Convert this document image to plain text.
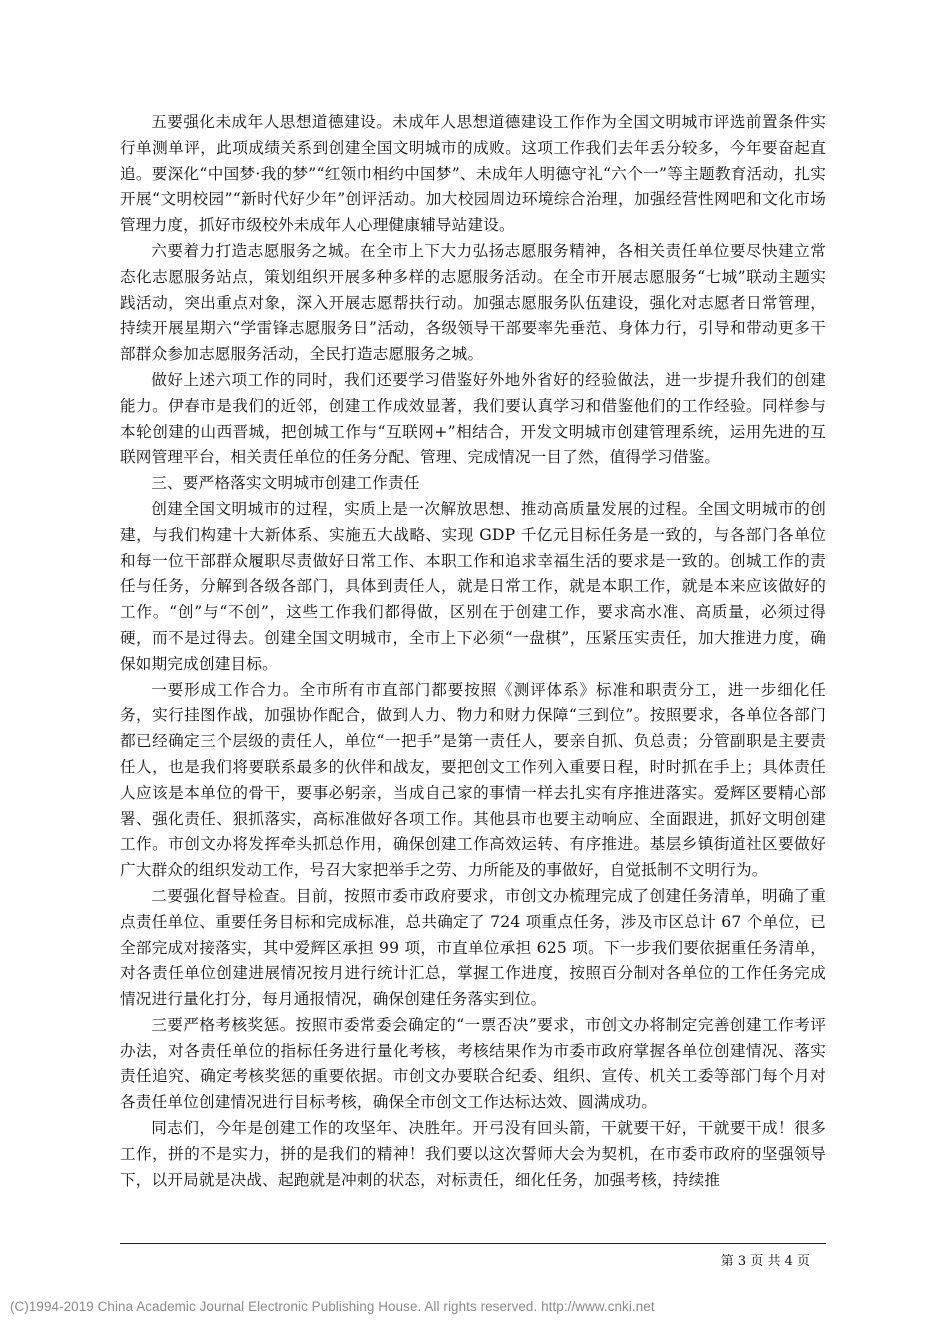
五要强化未成年人思想道德建设。未成年人思想道德建设工作作为全国文明城市评选前置条件实行单测单评，此项成绩关系到创建全国文明城市的成败。这项工作我们去年丢分较多，今年要奋起直追。要深化“中国梦·我的梦”“红领巾相约中国梦”、未成年人明德守礼“六个一”等主题教育活动，扎实开展“文明校园”“新时代好少年”创评活动。加大校园周边环境综合治理，加强经营性网吧和文化市场管理力度，抓好市级校外未成年人心理健康辅导站建设。

六要着力打造志愿服务之城。在全市上下大力弘扬志愿服务精神，各相关责任单位要尽快建立常态化志愿服务站点，策划组织开展多种多样的志愿服务活动。在全市开展志愿服务“七城”联动主题实践活动，突出重点对象，深入开展志愿帮扶行动。加强志愿服务队伍建设，强化对志愿者日常管理，持续开展星期六“学雷锋志愿服务日”活动，各级领导干部要率先垂范、身体力行，引导和带动更多干部群众参加志愿服务活动，全民打造志愿服务之城。

做好上述六项工作的同时，我们还要学习借鉴好外地外省好的经验做法，进一步提升我们的创建能力。伊春市是我们的近邻，创建工作成效显著，我们要认真学习和借鉴他们的工作经验。同样参与本轮创建的山西晋城，把创城工作与“互联网+”相结合，开发文明城市创建管理系统，运用先进的互联网管理平台，相关责任单位的任务分配、管理、完成情况一目了然，值得学习借鉴。

三、要严格落实文明城市创建工作责任

创建全国文明城市的过程，实质上是一次解放思想、推动高质量发展的过程。全国文明城市的创建，与我们构建十大新体系、实施五大战略、实现 GDP 千亿元目标任务是一致的，与各部门各单位和每一位干部群众履职尽责做好日常工作、本职工作和追求幸福生活的要求是一致的。创城工作的责任与任务，分解到各级各部门，具体到责任人，就是日常工作，就是本职工作，就是本来应该做好的工作。“创”与“不创”，这些工作我们都得做，区别在于创建工作，要求高水准、高质量，必须过得硬，而不是过得去。创建全国文明城市，全市上下必须“一盘棋”，压紧压实责任，加大推进力度，确保如期完成创建目标。

一要形成工作合力。全市所有市直部门都要按照《测评体系》标准和职责分工，进一步细化任务，实行挂图作战，加强协作配合，做到人力、物力和财力保障“三到位”。按照要求，各单位各部门都已经确定三个层级的责任人，单位“一把手”是第一责任人，要亲自抓、负总责；分管副职是主要责任人，也是我们将要联系最多的伙伴和战友，要把创文工作列入重要日程，时时抓在手上；具体责任人应该是本单位的骨干，要事必躬亲，当成自己家的事情一样去扎实有序推进落实。爱辉区要精心部署、强化责任、狠抓落实，高标准做好各项工作。其他县市也要主动响应、全面跟进，抓好文明创建工作。市创文办将发挥牵头抓总作用，确保创建工作高效运转、有序推进。基层乡镇街道社区要做好广大群众的组织发动工作，号召大家把举手之劳、力所能及的事做好，自觉抵制不文明行为。

二要强化督导检查。目前，按照市委市政府要求，市创文办梳理完成了创建任务清单，明确了重点责任单位、重要任务目标和完成标准，总共确定了 724 项重点任务，涉及市区总计 67 个单位，已全部完成对接落实，其中爱辉区承担 99 项，市直单位承担 625 项。下一步我们要依据重任务清单，对各责任单位创建进展情况按月进行统计汇总，掌握工作进度，按照百分制对各单位的工作任务完成情况进行量化打分，每月通报情况，确保创建任务落实到位。

三要严格考核奖惩。按照市委常委会确定的“一票否决”要求，市创文办将制定完善创建工作考评办法，对各责任单位的指标任务进行量化考核，考核结果作为市委市政府掌握各单位创建情况、落实责任追究、确定考核奖惩的重要依据。市创文办要联合纪委、组织、宣传、机关工委等部门每个月对各责任单位创建情况进行目标考核，确保全市创文工作达标达效、圆满成功。

同志们，今年是创建工作的攻坚年、决胜年。开弓没有回头箭，干就要干好，干就要干成！很多工作，拼的不是实力，拼的是我们的精神！我们要以这次誓师大会为契机，在市委市政府的坚强领导下，以开局就是决战、起跑就是冲刺的状态，对标责任，细化任务，加强考核，持续推

第 3 页 共 4 页
(C)1994-2019 China Academic Journal Electronic Publishing House. All rights reserved. http://www.cnki.net
